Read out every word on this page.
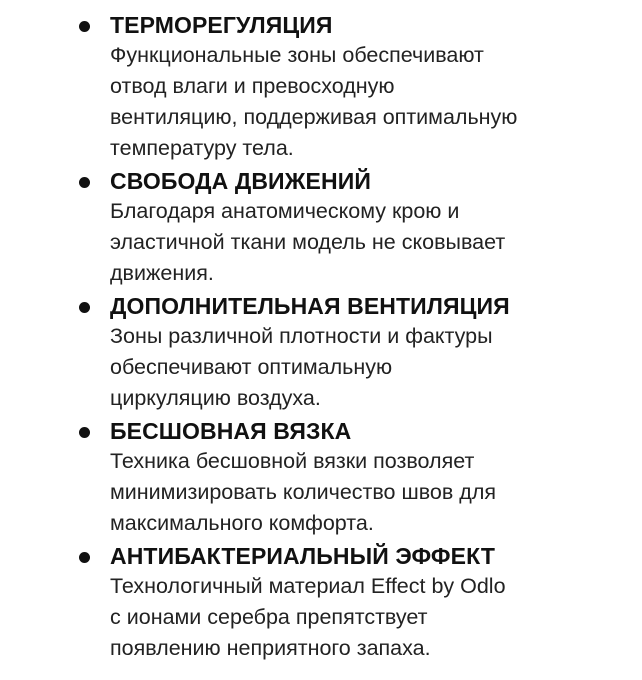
ТЕРМОРЕГУЛЯЦИЯ
Функциональные зоны обеспечивают
отвод влаги и превосходную
вентиляцию, поддерживая оптимальную
температуру тела.
СВОБОДА ДВИЖЕНИЙ
Благодаря анатомическому крою и
эластичной ткани модель не сковывает
движения.
ДОПОЛНИТЕЛЬНАЯ ВЕНТИЛЯЦИЯ
Зоны различной плотности и фактуры
обеспечивают оптимальную
циркуляцию воздуха.
БЕСШОВНАЯ ВЯЗКА
Техника бесшовной вязки позволяет
минимизировать количество швов для
максимального комфорта.
АНТИБАКТЕРИАЛЬНЫЙ ЭФФЕКТ
Технологичный материал Effect by Odlo
с ионами серебра препятствует
появлению неприятного запаха.
